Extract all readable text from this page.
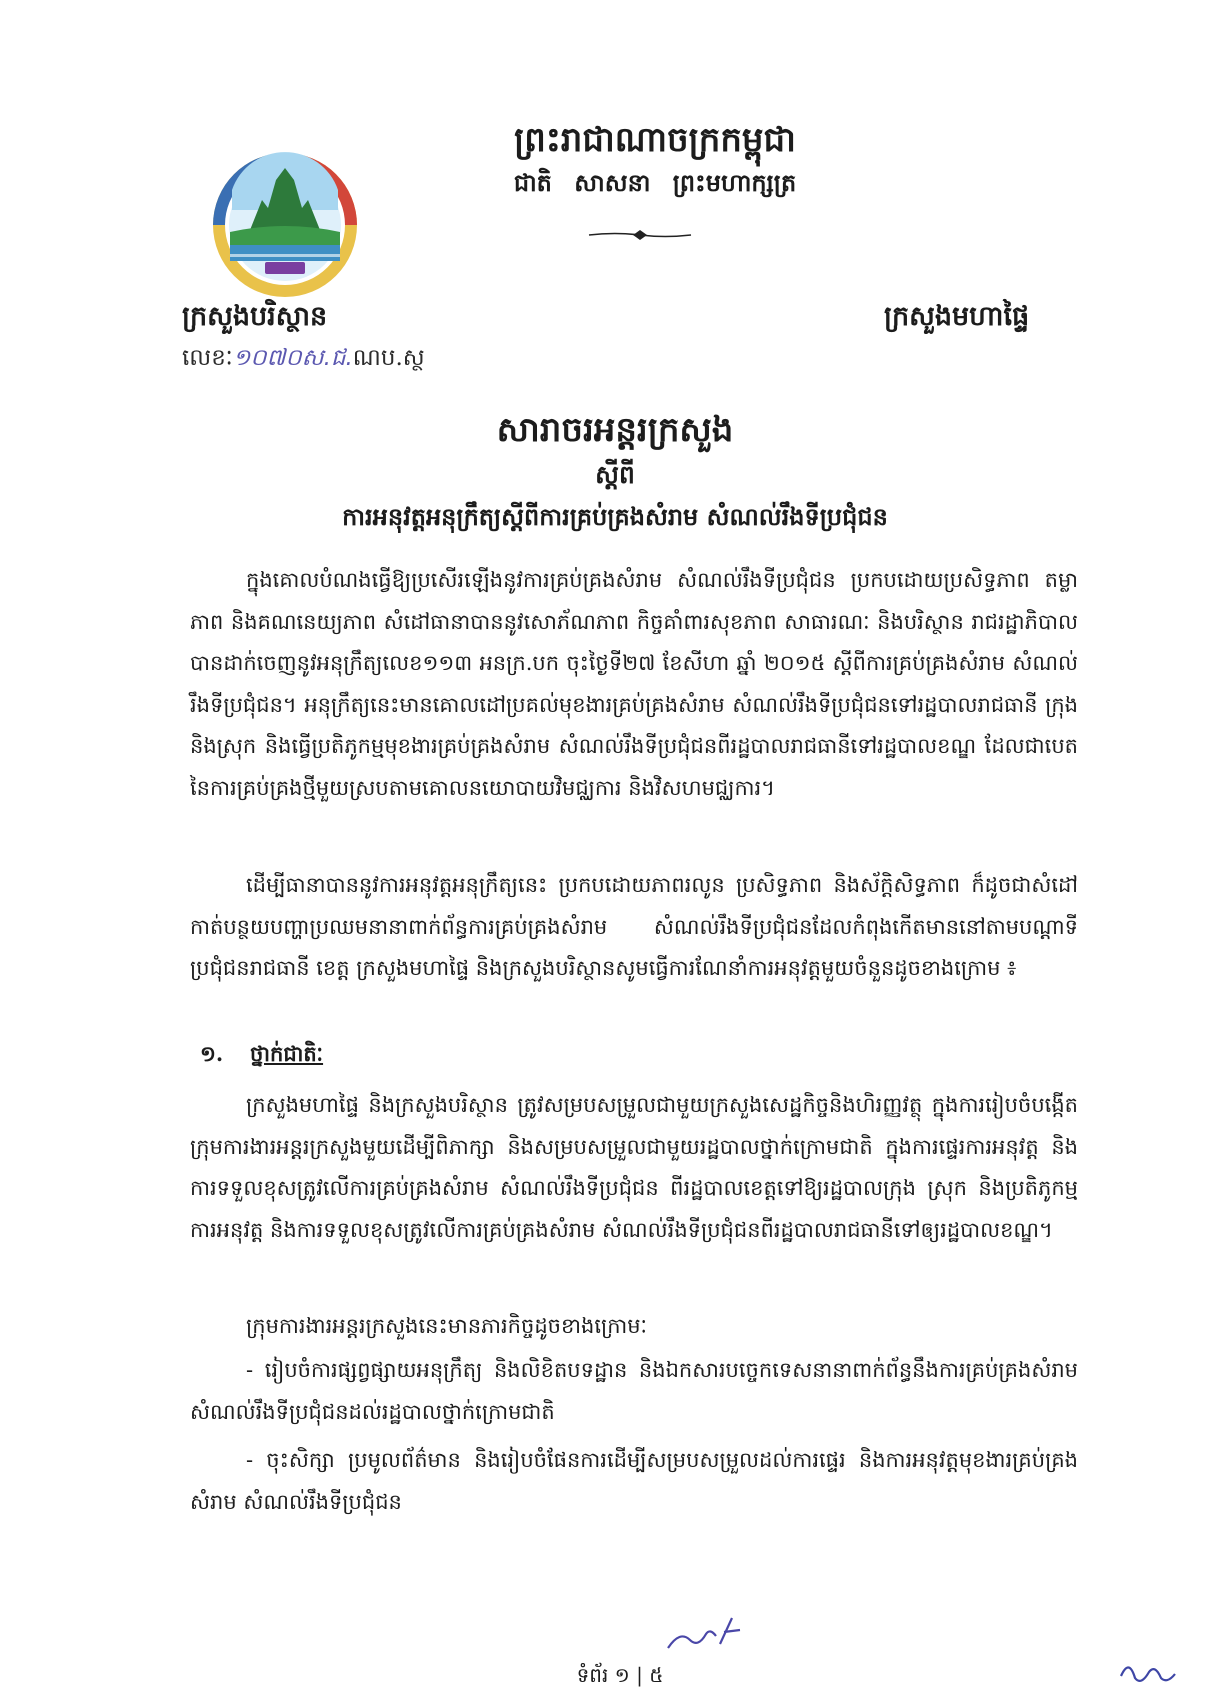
ព្រះរាជាណាចក្រកម្ពុជា
ជាតិ សាសនា ព្រះមហាក្សត្រ
ក្រសួងបរិស្ថាន	ក្រសួងមហាផ្ទៃ
លេខៈ១០៧០ស.ជ.ណប.ស្ថ
សារាចរអន្តរក្រសួង
ស្តីពី
ការអនុវត្តអនុក្រឹត្យស្តីពីការគ្រប់គ្រងសំរាម សំណល់រឹងទីប្រជុំជន

ក្នុងគោលបំណងធ្វើឱ្យប្រសើរឡើងនូវការគ្រប់គ្រងសំរាម សំណល់រឹងទីប្រជុំជន ប្រកបដោយប្រសិទ្ធភាព តម្លាភាព និងគណនេយ្យភាព សំដៅធានាបាននូវសោភ័ណភាព កិច្ចគាំពារសុខភាព សាធារណៈ និងបរិស្ថាន រាជរដ្ឋាភិបាលបានដាក់ចេញនូវអនុក្រឹត្យលេខ១១៣ អនក្រ.បក ចុះថ្ងៃទី២៧ ខែសីហា ឆ្នាំ ២០១៥ ស្តីពីការគ្រប់គ្រងសំរាម សំណល់រឹងទីប្រជុំជន។ អនុក្រឹត្យនេះមានគោលដៅប្រគល់មុខងារគ្រប់គ្រងសំរាម សំណល់រឹងទីប្រជុំជនទៅរដ្ឋបាលរាជធានី ក្រុង និងស្រុក និងធ្វើប្រតិភូកម្មមុខងារគ្រប់គ្រងសំរាម សំណល់រឹងទីប្រជុំជនពីរដ្ឋបាលរាជធានីទៅរដ្ឋបាលខណ្ឌ ដែលជាបេតនៃការគ្រប់គ្រងថ្មីមួយស្របតាមគោលនយោបាយវិមជ្ឈការ និងវិសហមជ្ឈការ។

ដើម្បីធានាបាននូវការអនុវត្តអនុក្រឹត្យនេះ ប្រកបដោយភាពរលូន ប្រសិទ្ធភាព និងស័ក្តិសិទ្ធភាព ក៏ដូចជាសំដៅកាត់បន្ថយបញ្ហាប្រឈមនានាពាក់ព័ន្ធការគ្រប់គ្រងសំរាម សំណល់រឹងទីប្រជុំជនដែលកំពុងកើតមាននៅតាមបណ្តាទីប្រជុំជនរាជធានី ខេត្ត ក្រសួងមហាផ្ទៃ និងក្រសួងបរិស្ថានសូមធ្វើការណែនាំការអនុវត្តមួយចំនួនដូចខាងក្រោម ៖

១. ថ្នាក់ជាតិៈ

ក្រសួងមហាផ្ទៃ និងក្រសួងបរិស្ថាន ត្រូវសម្របសម្រួលជាមួយក្រសួងសេដ្ឋកិច្ចនិងហិរញ្ញវត្ថុ ក្នុងការរៀបចំបង្កើតក្រុមការងារអន្តរក្រសួងមួយដើម្បីពិភាក្សា និងសម្របសម្រួលជាមួយរដ្ឋបាលថ្នាក់ក្រោមជាតិ ក្នុងការផ្ទេរការអនុវត្ត និងការទទួលខុសត្រូវលើការគ្រប់គ្រងសំរាម សំណល់រឹងទីប្រជុំជន ពីរដ្ឋបាលខេត្តទៅឱ្យរដ្ឋបាលក្រុង ស្រុក និងប្រតិភូកម្មការអនុវត្ត និងការទទួលខុសត្រូវលើការគ្រប់គ្រងសំរាម សំណល់រឹងទីប្រជុំជនពីរដ្ឋបាលរាជធានីទៅឲ្យរដ្ឋបាលខណ្ឌ។

ក្រុមការងារអន្តរក្រសួងនេះមានភារកិច្ចដូចខាងក្រោមៈ

- រៀបចំការផ្សព្វផ្សាយអនុក្រឹត្យ និងលិខិតបទដ្ឋាន និងឯកសារបច្ចេកទេសនានាពាក់ព័ន្ធនឹងការគ្រប់គ្រងសំរាម សំណល់រឹងទីប្រជុំជនដល់រដ្ឋបាលថ្នាក់ក្រោមជាតិ

- ចុះសិក្សា ប្រមូលព័ត៌មាន និងរៀបចំផែនការដើម្បីសម្របសម្រួលដល់ការផ្ទេរ និងការអនុវត្តមុខងារគ្រប់គ្រងសំរាម សំណល់រឹងទីប្រជុំជន

ទំព័រ ១ | ៥
